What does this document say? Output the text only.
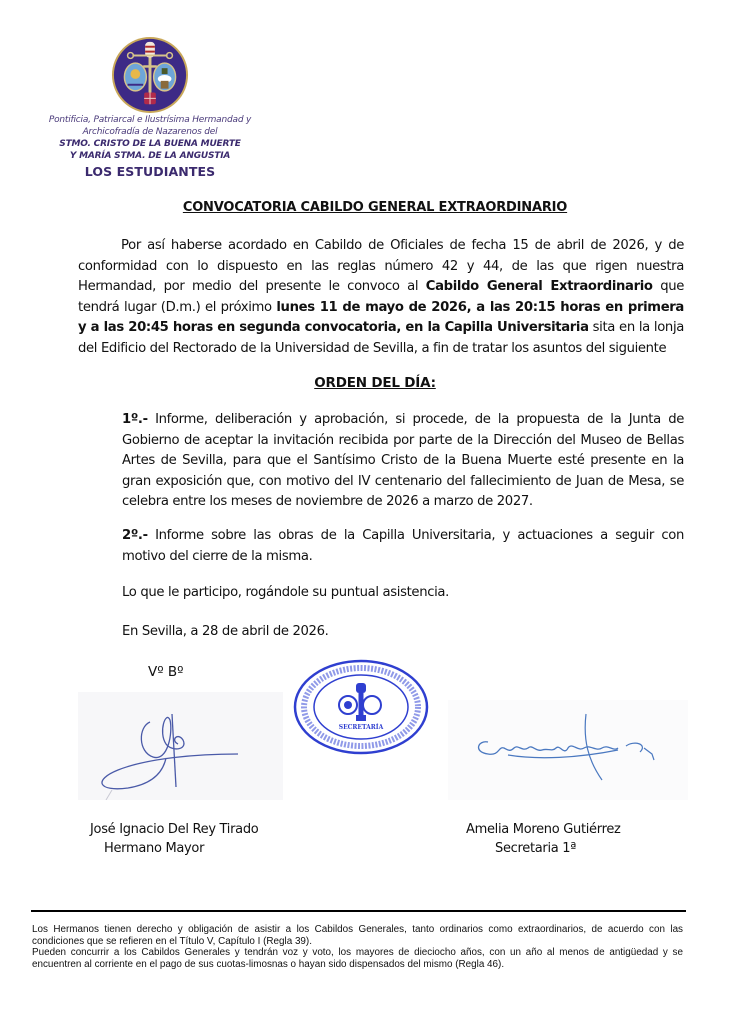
Pontificia, Patriarcal e Ilustrísima Hermandad y
Archicofradía de Nazarenos del
STMO. CRISTO DE LA BUENA MUERTE
Y MARÍA STMA. DE LA ANGUSTIA
LOS ESTUDIANTES
CONVOCATORIA CABILDO GENERAL EXTRAORDINARIO

Por así haberse acordado en Cabildo de Oficiales de fecha 15 de abril de 2026, y de conformidad con lo dispuesto en las reglas número 42 y 44, de las que rigen nuestra Hermandad, por medio del presente le convoco al Cabildo General Extraordinario que tendrá lugar (D.m.) el próximo lunes 11 de mayo de 2026, a las 20:15 horas en primera y a las 20:45 horas en segunda convocatoria, en la Capilla Universitaria sita en la lonja del Edificio del Rectorado de la Universidad de Sevilla, a fin de tratar los asuntos del siguiente

ORDEN DEL DÍA:

1º.- Informe, deliberación y aprobación, si procede, de la propuesta de la Junta de Gobierno de aceptar la invitación recibida por parte de la Dirección del Museo de Bellas Artes de Sevilla, para que el Santísimo Cristo de la Buena Muerte esté presente en la gran exposición que, con motivo del IV centenario del fallecimiento de Juan de Mesa, se celebra entre los meses de noviembre de 2026 a marzo de 2027.

2º.- Informe sobre las obras de la Capilla Universitaria, y actuaciones a seguir con motivo del cierre de la misma.

Lo que le participo, rogándole su puntual asistencia.
En Sevilla, a 28 de abril de 2026.
Vº Bº
SECRETARÍA
José Ignacio Del Rey Tirado
Hermano Mayor
Amelia Moreno Gutiérrez
Secretaria 1ª

Los Hermanos tienen derecho y obligación de asistir a los Cabildos Generales, tanto ordinarios como extraordinarios, de acuerdo con las condiciones que se refieren en el Título V, Capítulo I (Regla 39).

Pueden concurrir a los Cabildos Generales y tendrán voz y voto, los mayores de dieciocho años, con un año al menos de antigüedad y se encuentren al corriente en el pago de sus cuotas-limosnas o hayan sido dispensados del mismo (Regla 46).
